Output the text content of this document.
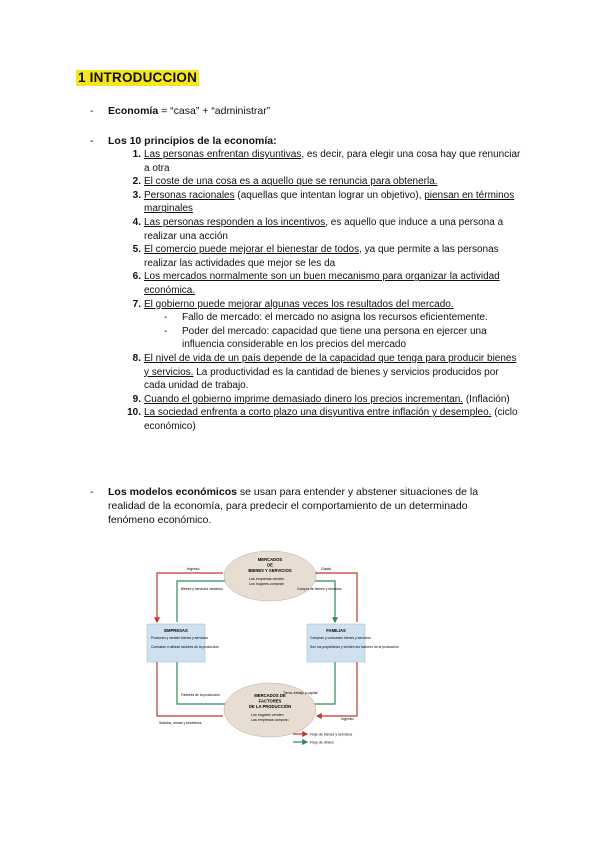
1 INTRODUCCION
- Economía = “casa” + “administrar”
- Los 10 principios de la economía:
1. Las personas enfrentan disyuntivas, es decir, para elegir una cosa hay que renunciar a otra
2. El coste de una cosa es a aquello que se renuncia para obtenerla.
3. Personas racionales (aquellas que intentan lograr un objetivo), piensan en términos marginales
4. Las personas responden a los incentivos, es aquello que induce a una persona a realizar una acción
5. El comercio puede mejorar el bienestar de todos, ya que permite a las personas realizar las actividades que mejor se les da
6. Los mercados normalmente son un buen mecanismo para organizar la actividad económica.
7. El gobierno puede mejorar algunas veces los resultados del mercado.
- Fallo de mercado: el mercado no asigna los recursos eficientemente.
- Poder del mercado: capacidad que tiene una persona en ejercer una influencia considerable en los precios del mercado
8. El nivel de vida de un país depende de la capacidad que tenga para producir bienes y servicios. La productividad es la cantidad de bienes y servicios producidos por cada unidad de trabajo.
9. Cuando el gobierno imprime demasiado dinero los precios incrementan. (Inflación)
10. La sociedad enfrenta a corto plazo una disyuntiva entre inflación y desempleo. (ciclo económico)
- Los modelos económicos se usan para entender y abstener situaciones de la realidad de la economía, para predecir el comportamiento de un determinado fenómeno económico.
MERCADOS
DE
BIENES Y SERVICIOS
Las empresas venden
Los hogares compran
MERCADOS DE
FACTORES
DE LA PRODUCCIÓN
Los hogares venden
Las empresas compran
EMPRESAS
Producen y venden bienes y servicios
Contratan o utilizan factores de la producción
FAMILIAS
Compran y consumen bienes y servicios
Son los propietarios y venden los factores de la producción
Ingreso	Gasto
Bienes y servicios vendidos	Compra de bienes y servicios
Factores de la producción	Tierra, trabajo y capital
Salarios, rentas y beneficios
Ingreso
Flujo de bienes y servicios
Flujo de dinero
